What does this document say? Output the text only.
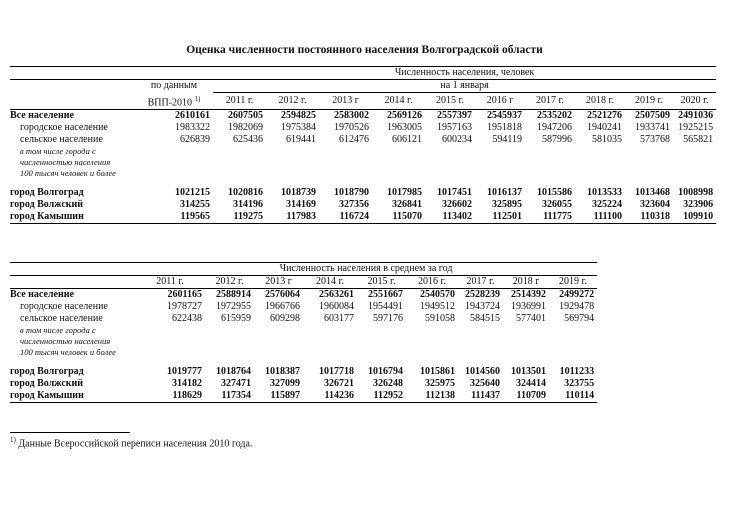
Оценка численности постоянного населения Волгоградской области
		Численность населения, человек									
	по данным	на 1 января									
	ВПП-2010 $^{1)}$	2011 г.	2012 г.	2013 г	2014 г.	2015 г.	2016 г	2017 г.	2018 г.	2019 г.	2020 г.
Все население	2610161	2607505	2594825	2583002	2569126	2557397	2545937	2535202	2521276	2507509	2491036
городское население	1983322	1982069	1975384	1970526	1963005	1957163	1951818	1947206	1940241	1933741	1925215
сельское население	626839	625436	619441	612476	606121	600234	594119	587996	581035	573768	565821

в том числе города с
численностью населения
100 тысяч человек и более											

город Волгоград	1021215	1020816	1018739	1018790	1017985	1017451	1016137	1015586	1013533	1013468	1008998
город Волжский	314255	314196	314169	327356	326841	326602	325895	326055	325224	323604	323906
город Камышин	119565	119275	117983	116724	115070	113402	112501	111775	111100	110318	109910
	Численность населения в среднем за год								
	2011 г.	2012 г.	2013 г	2014 г.	2015 г.	2016 г.	2017 г.	2018 г	2019 г.
Все население	2601165	2588914	2576064	2563261	2551667	2540570	2528239	2514392	2499272
городское население	1978727	1972955	1966766	1960084	1954491	1949512	1943724	1936991	1929478
сельское население	622438	615959	609298	603177	597176	591058	584515	577401	569794

в том числе города с
численностью населения
100 тысяч человек и более									

город Волгоград	1019777	1018764	1018387	1017718	1016794	1015861	1014560	1013501	1011233
город Волжский	314182	327471	327099	326721	326248	325975	325640	324414	323755
город Камышин	118629	117354	115897	114236	112952	112138	111437	110709	110114
$^{1)}$ Данные Всероссийской переписи населения 2010 года.
